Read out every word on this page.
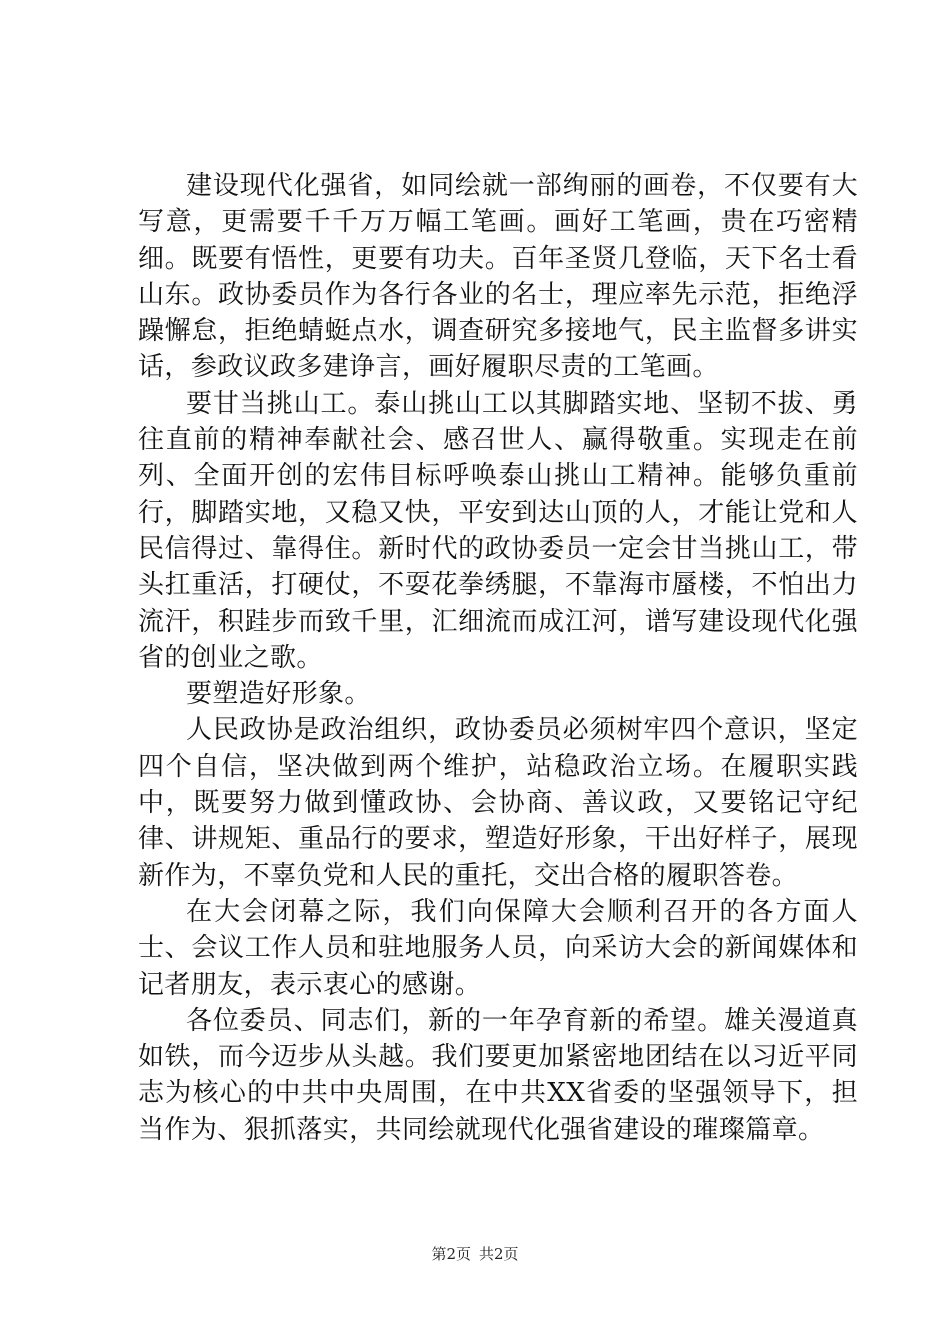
建设现代化强省，如同绘就一部绚丽的画卷，不仅要有大写意，更需要千千万万幅工笔画。画好工笔画，贵在巧密精细。既要有悟性，更要有功夫。百年圣贤几登临，天下名士看山东。政协委员作为各行各业的名士，理应率先示范，拒绝浮躁懈怠，拒绝蜻蜓点水，调查研究多接地气，民主监督多讲实话，参政议政多建诤言，画好履职尽责的工笔画。

要甘当挑山工。泰山挑山工以其脚踏实地、坚韧不拔、勇往直前的精神奉献社会、感召世人、赢得敬重。实现走在前列、全面开创的宏伟目标呼唤泰山挑山工精神。能够负重前行，脚踏实地，又稳又快，平安到达山顶的人，才能让党和人民信得过、靠得住。新时代的政协委员一定会甘当挑山工，带头扛重活，打硬仗，不耍花拳绣腿，不靠海市蜃楼，不怕出力流汗，积跬步而致千里，汇细流而成江河，谱写建设现代化强省的创业之歌。

要塑造好形象。

人民政协是政治组织，政协委员必须树牢四个意识，坚定四个自信，坚决做到两个维护，站稳政治立场。在履职实践中，既要努力做到懂政协、会协商、善议政，又要铭记守纪律、讲规矩、重品行的要求，塑造好形象，干出好样子，展现新作为，不辜负党和人民的重托，交出合格的履职答卷。

在大会闭幕之际，我们向保障大会顺利召开的各方面人士、会议工作人员和驻地服务人员，向采访大会的新闻媒体和记者朋友，表示衷心的感谢。

各位委员、同志们，新的一年孕育新的希望。雄关漫道真如铁，而今迈步从头越。我们要更加紧密地团结在以习近平同志为核心的中共中央周围，在中共XX省委的坚强领导下，担当作为、狠抓落实，共同绘就现代化强省建设的璀璨篇章。

第2页 共2页
